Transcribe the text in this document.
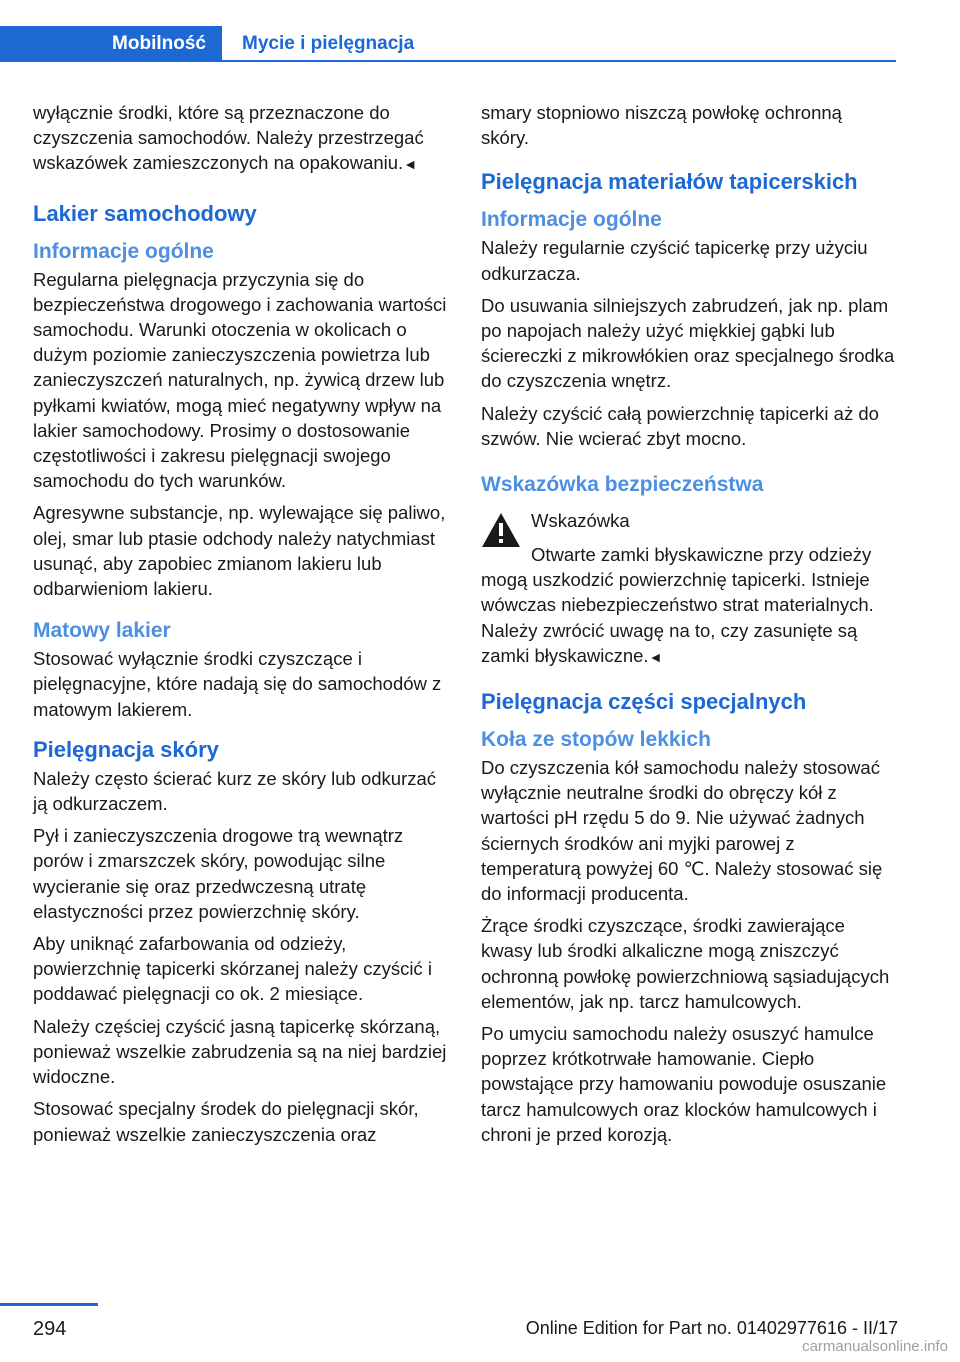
Mobilność Mycie i pielęgnacja

wyłącznie środki, które są przeznaczone do czyszczenia samochodów. Należy przestrzegać wskazówek zamieszczonych na opakowaniu.◄

Lakier samochodowy
Informacje ogólne

Regularna pielęgnacja przyczynia się do bezpieczeństwa drogowego i zachowania wartości samochodu. Warunki otoczenia w okolicach o dużym poziomie zanieczyszczenia powietrza lub zanieczyszczeń naturalnych, np. żywicą drzew lub pyłkami kwiatów, mogą mieć negatywny wpływ na lakier samochodowy. Prosimy o dostosowanie częstotliwości i zakresu pielęgnacji swojego samochodu do tych warunków.

Agresywne substancje, np. wylewające się paliwo, olej, smar lub ptasie odchody należy natychmiast usunąć, aby zapobiec zmianom lakieru lub odbarwieniom lakieru.

Matowy lakier

Stosować wyłącznie środki czyszczące i pielęgnacyjne, które nadają się do samochodów z matowym lakierem.

Pielęgnacja skóry

Należy często ścierać kurz ze skóry lub odkurzać ją odkurzaczem.

Pył i zanieczyszczenia drogowe trą wewnątrz porów i zmarszczek skóry, powodując silne wycieranie się oraz przedwczesną utratę elastyczności przez powierzchnię skóry.

Aby uniknąć zafarbowania od odzieży, powierzchnię tapicerki skórzanej należy czyścić i poddawać pielęgnacji co ok. 2 miesiące.

Należy częściej czyścić jasną tapicerkę skórzaną, ponieważ wszelkie zabrudzenia są na niej bardziej widoczne.

Stosować specjalny środek do pielęgnacji skór, ponieważ wszelkie zanieczyszczenia oraz

smary stopniowo niszczą powłokę ochronną skóry.

Pielęgnacja materiałów tapicerskich
Informacje ogólne

Należy regularnie czyścić tapicerkę przy użyciu odkurzacza.

Do usuwania silniejszych zabrudzeń, jak np. plam po napojach należy użyć miękkiej gąbki lub ściereczki z mikrowłókien oraz specjalnego środka do czyszczenia wnętrz.

Należy czyścić całą powierzchnię tapicerki aż do szwów. Nie wcierać zbyt mocno.

Wskazówka bezpieczeństwa
Wskazówka

Otwarte zamki błyskawiczne przy odzieży mogą uszkodzić powierzchnię tapicerki. Istnieje wówczas niebezpieczeństwo strat materialnych. Należy zwrócić uwagę na to, czy zasunięte są zamki błyskawiczne.◄

Pielęgnacja części specjalnych
Koła ze stopów lekkich

Do czyszczenia kół samochodu należy stosować wyłącznie neutralne środki do obręczy kół z wartości pH rzędu 5 do 9. Nie używać żadnych ściernych środków ani myjki parowej z temperaturą powyżej 60 ℃. Należy stosować się do informacji producenta.

Żrące środki czyszczące, środki zawierające kwasy lub środki alkaliczne mogą zniszczyć ochronną powłokę powierzchniową sąsiadujących elementów, jak np. tarcz hamulcowych.

Po umyciu samochodu należy osuszyć hamulce poprzez krótkotrwałe hamowanie. Ciepło powstające przy hamowaniu powoduje osuszanie tarcz hamulcowych oraz klocków hamulcowych i chroni je przed korozją.

294	Online Edition for Part no. 01402977616 - II/17
carmanualsonline.info
